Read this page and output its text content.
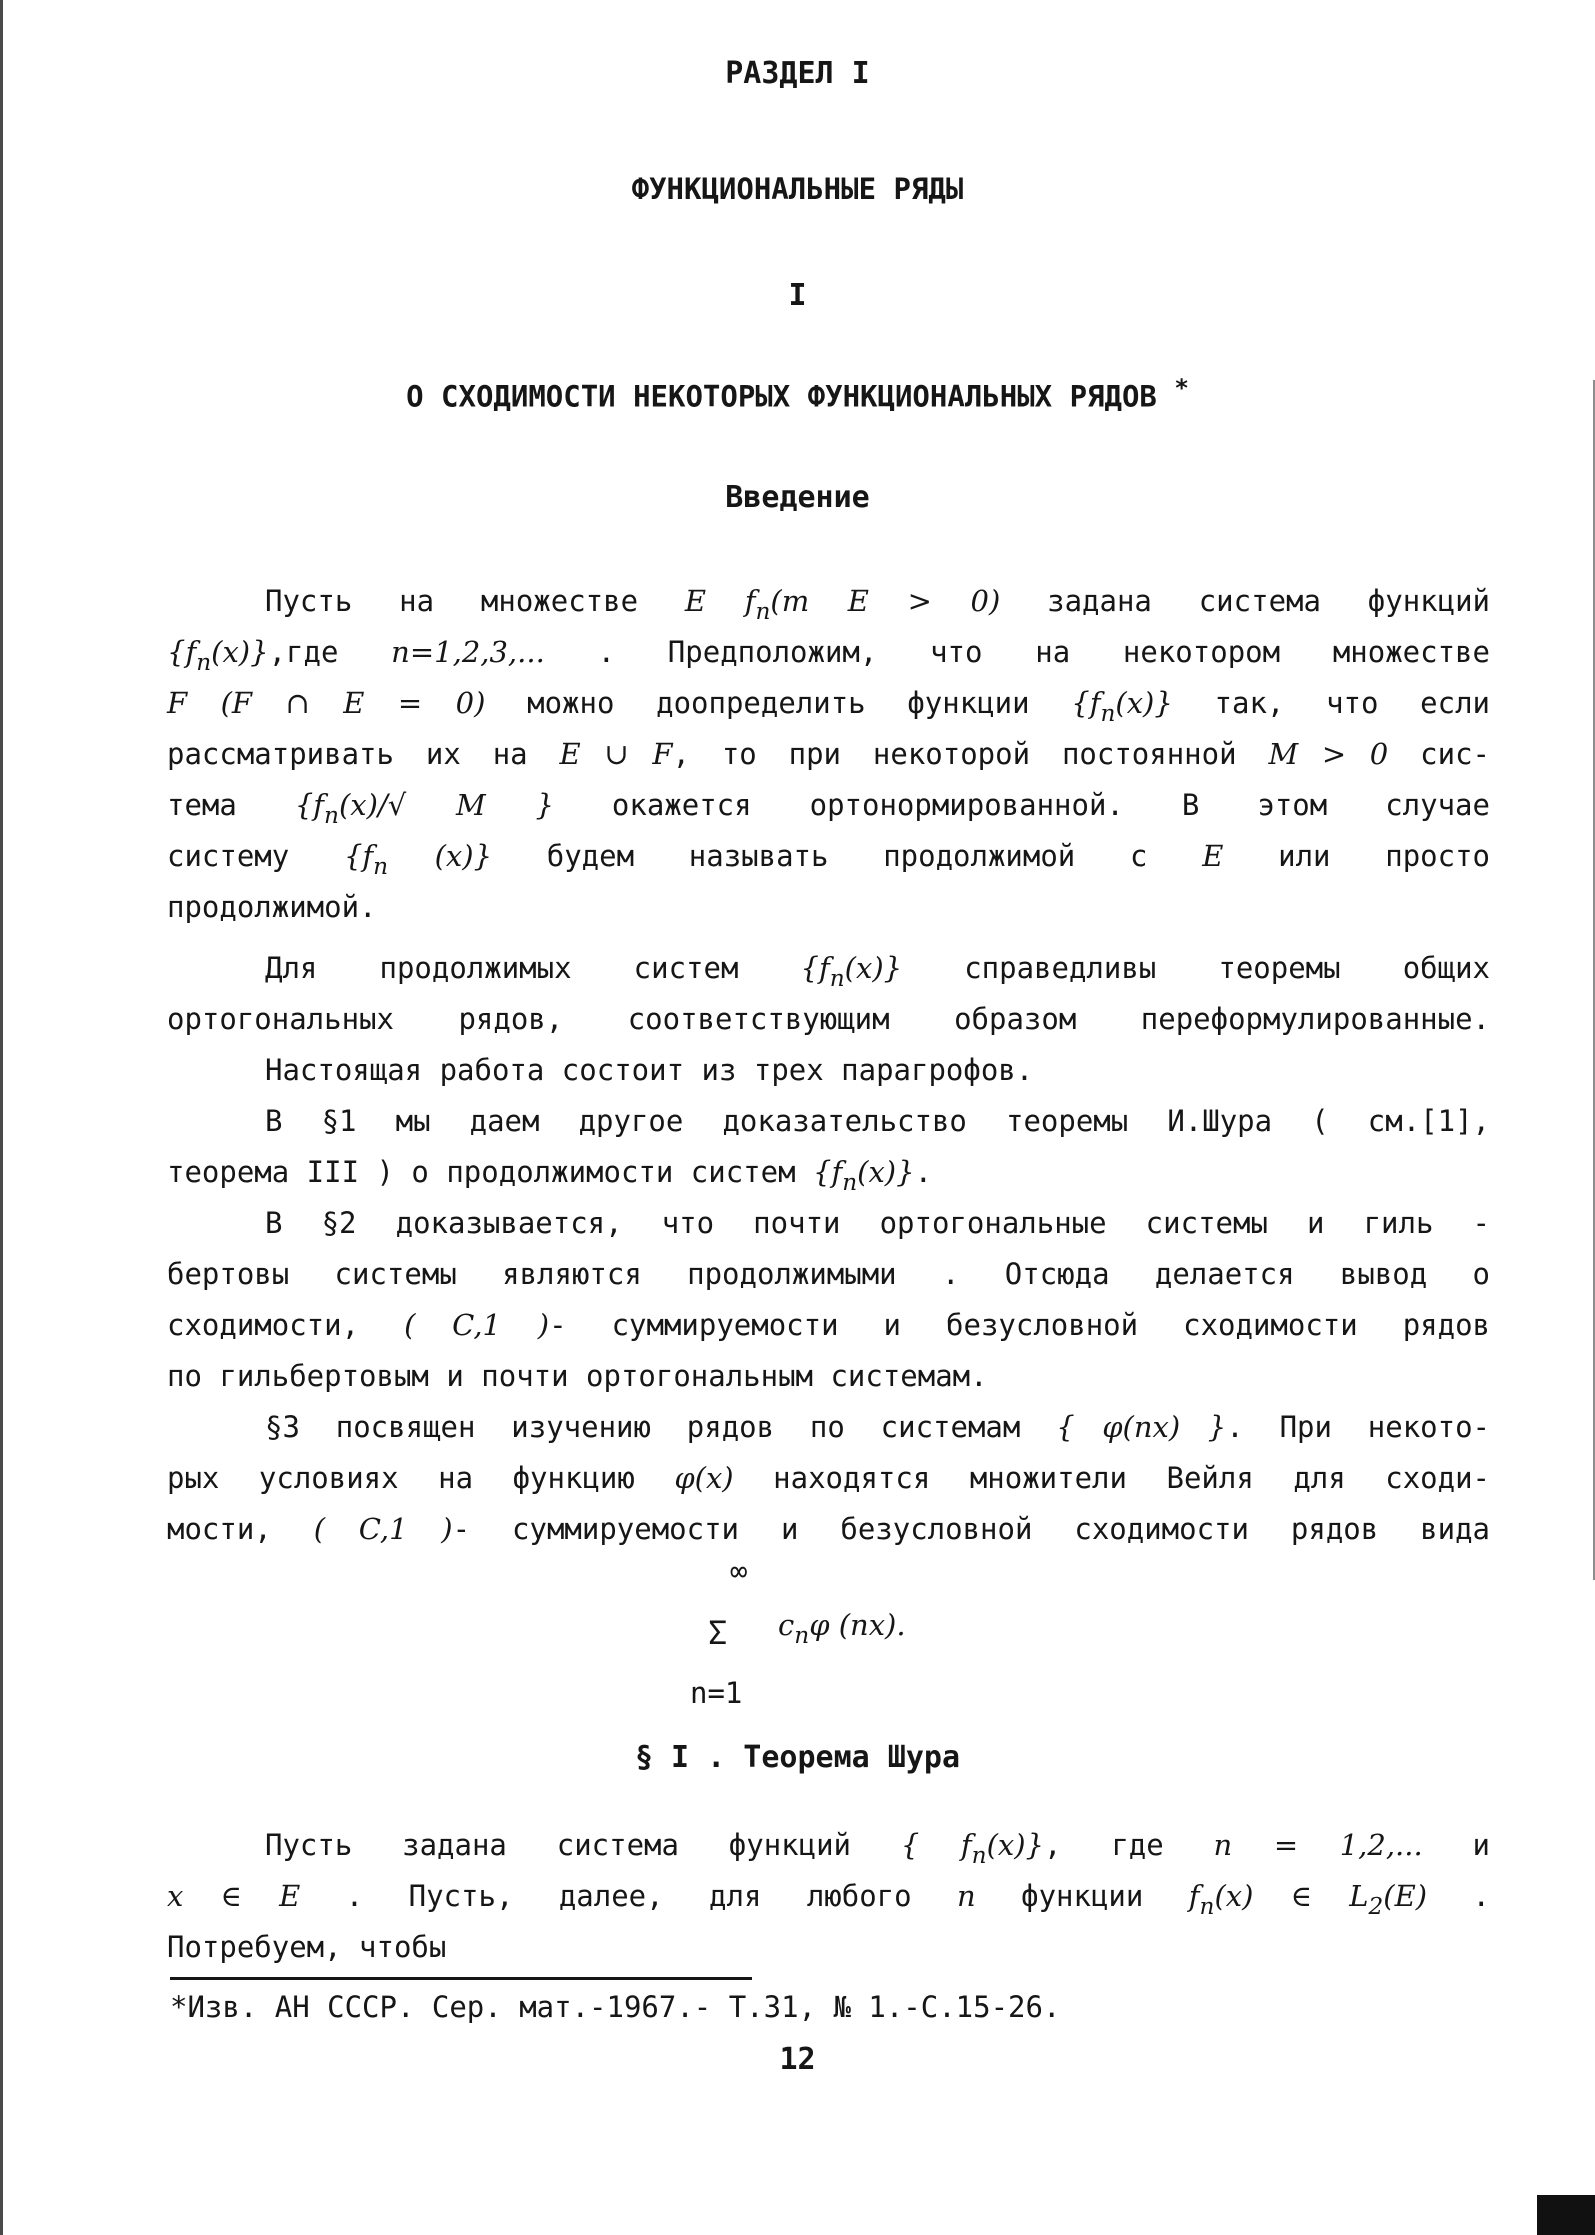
РАЗДЕЛ I
ФУНКЦИОНАЛЬНЫЕ РЯДЫ
I
О СХОДИМОСТИ НЕКОТОРЫХ ФУНКЦИОНАЛЬНЫХ РЯДОВ *
Введение
Пусть на множестве E $f_n(m$ E > 0) задана система функций
$\{f_n(x)\},где$ n=1,2,3,... . Предположим, что на некотором множестве
F (F ∩ E = 0) можно доопределить функции $\{f_n(x)\}$ так, что если
рассматривать их на E ∪ F, то при некоторой постоянной M > 0 сис-
тема {$f_n(x)/√$ M } окажется ортонормированной. В этом случае
систему {$f_n$ (x)} будем называть продолжимой с E или просто
продолжимой.
Для продолжимых систем $\{f_n(x)\}$ справедливы теоремы общих
ортогональных рядов, соответствующим образом переформулированные.
Настоящая работа состоит из трех парагрофов.
В §1 мы даем другое доказательство теоремы И.Шура ( см.[1],
теорема III ) о продолжимости систем $\{f_n(x)\}$.
В §2 доказывается, что почти ортогональные системы и гиль -
бертовы системы являются продолжимыми . Отсюда делается вывод о
сходимости, ( C,1 )- суммируемости и безусловной сходимости рядов
по гильбертовым и почти ортогональным системам.
§3 посвящен изучению рядов по системам { φ(nx) }. При некото-
рых условиях на функцию φ(x) находятся множители Вейля для сходи-
мости, ( C,1 )- суммируемости и безусловной сходимости рядов вида
∞
Σ $c_n\varphi$ (nx).
n=1
§ I . Теорема Шура
Пусть задана система функций { $f_n(x)$}, где n = 1,2,... и
x ∈ E . Пусть, далее, для любого n функции $f_n(x)$ ∈ $L_2(E)$ .
Потребуем, чтобы
*Изв. АН СССР. Сер. мат.-1967.- Т.31, № 1.-С.15-26.
12
